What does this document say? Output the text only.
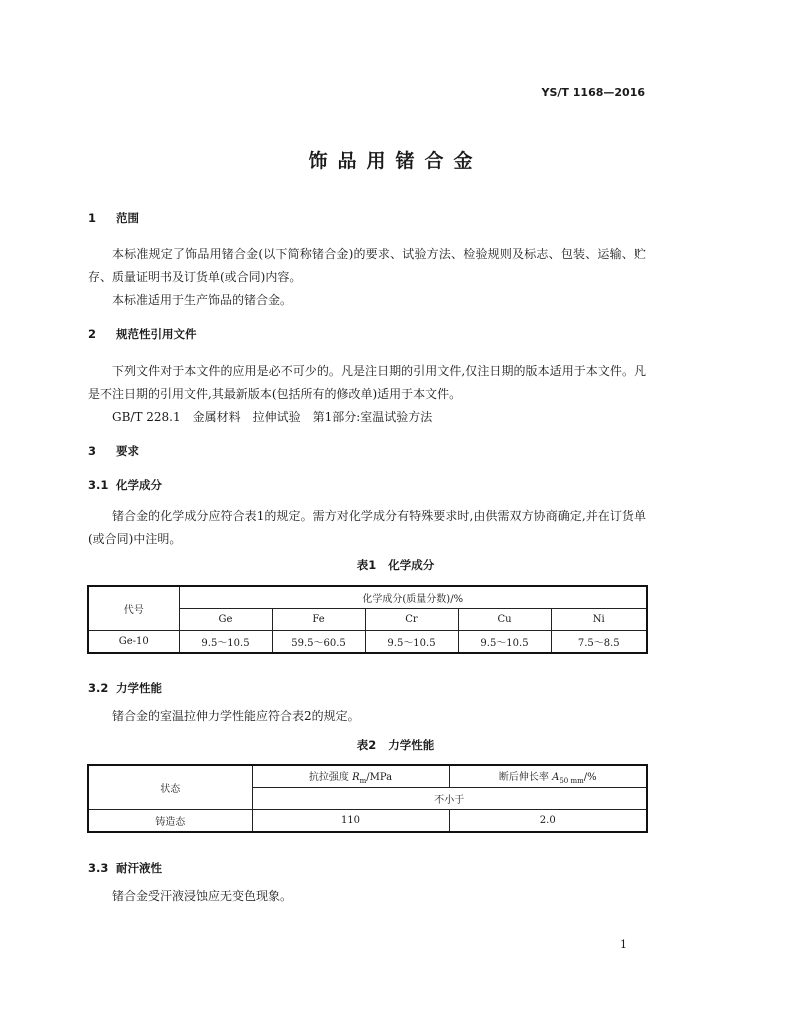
YS/T 1168—2016
饰品用锗合金
1 范围

本标准规定了饰品用锗合金(以下简称锗合金)的要求、试验方法、检验规则及标志、包装、运输、贮存、质量证明书及订货单(或合同)内容。

本标准适用于生产饰品的锗合金。

2 规范性引用文件

下列文件对于本文件的应用是必不可少的。凡是注日期的引用文件,仅注日期的版本适用于本文件。凡是不注日期的引用文件,其最新版本(包括所有的修改单)适用于本文件。

GB/T 228.1　金属材料　拉伸试验　第1部分:室温试验方法

3 要求
3.1 化学成分

锗合金的化学成分应符合表1的规定。需方对化学成分有特殊要求时,由供需双方协商确定,并在订货单(或合同)中注明。

表1 化学成分
代号	化学成分(质量分数)/%				
	Ge	Fe	Cr	Cu	Ni
Ge-10	9.5～10.5	59.5～60.5	9.5～10.5	9.5～10.5	7.5～8.5
3.2 力学性能

锗合金的室温拉伸力学性能应符合表2的规定。

表2 力学性能
状态	抗拉强度 $R_m$/MPa	断后伸长率 $A_{50 mm}/\%$
	不小于	
铸造态	110	2.0
3.3 耐汗液性

锗合金受汗液浸蚀应无变色现象。

1
